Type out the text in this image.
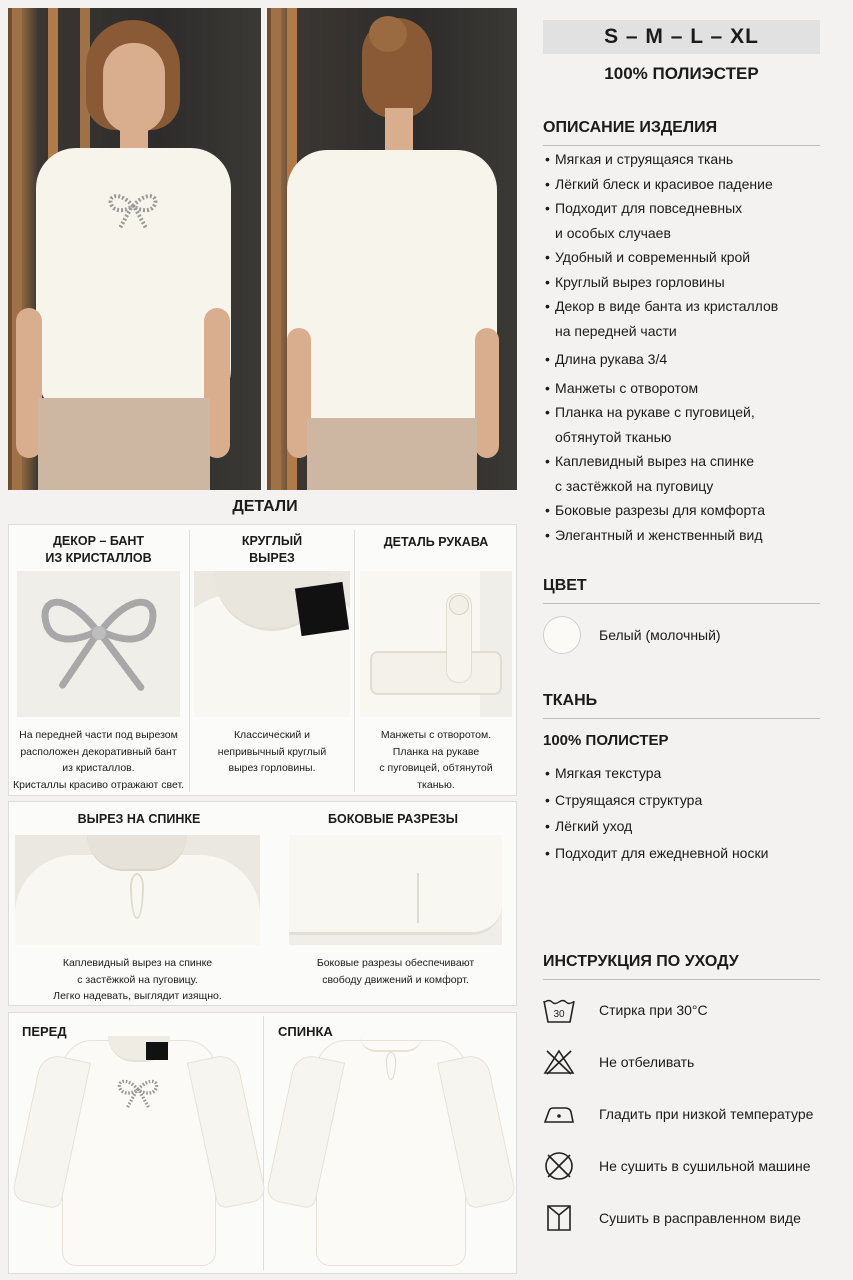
S – M – L – XL
100% ПОЛИЭСТЕР
ОПИСАНИЕ ИЗДЕЛИЯ
• Мягкая и струящаяся ткань
• Лёгкий блеск и красивое падение
• Подходит для повседневных
и особых случаев
• Удобный и современный крой
• Круглый вырез горловины
• Декор в виде банта из кристаллов
на передней части
• Длина рукава 3/4
• Манжеты с отворотом
• Планка на рукаве с пуговицей,
обтянутой тканью
• Каплевидный вырез на спинке
с застёжкой на пуговицу
• Боковые разрезы для комфорта
• Элегантный и женственный вид
ЦВЕТ
Белый (молочный)
ТКАНЬ
100% ПОЛИСТЕР
• Мягкая текстура
• Струящаяся структура
• Лёгкий уход
• Подходит для ежедневной носки
ИНСТРУКЦИЯ ПО УХОДУ
30 Стирка при 30°C
Не отбеливать
Гладить при низкой температуре
Не сушить в сушильной машине
Сушить в расправленном виде
ДЕТАЛИ
ДЕКОР – БАНТ
ИЗ КРИСТАЛЛОВ
На передней части под вырезом
расположен декоративный бант
из кристаллов.
Кристаллы красиво отражают свет.
КРУГЛЫЙ
ВЫРЕЗ
Классический и
непривычный круглый
вырез горловины.
ДЕТАЛЬ РУКАВА
Манжеты с отворотом.
Планка на рукаве
с пуговицей, обтянутой
тканью.
ВЫРЕЗ НА СПИНКЕ
Каплевидный вырез на спинке
с застёжкой на пуговицу.
Легко надевать, выглядит изящно.
БОКОВЫЕ РАЗРЕЗЫ
Боковые разрезы обеспечивают
свободу движений и комфорт.
ПЕРЕД	СПИНКА
